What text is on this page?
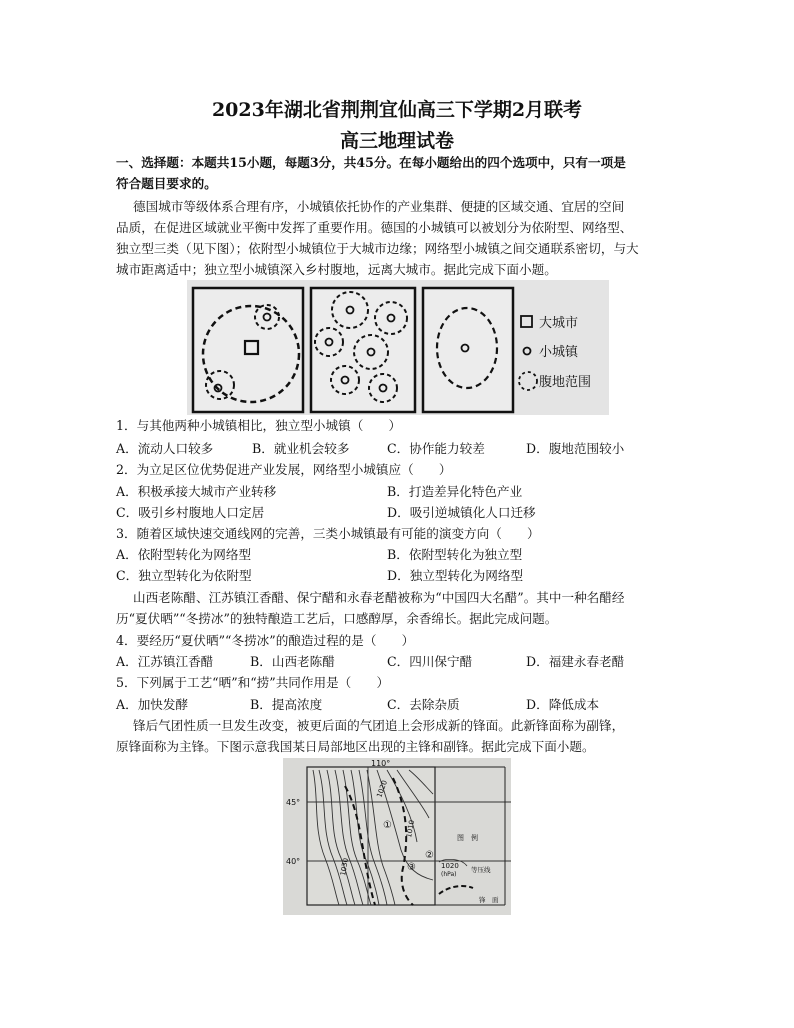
2023年湖北省荆荆宜仙高三下学期2月联考
高三地理试卷
一、选择题：本题共15小题，每题3分，共45分。在每小题给出的四个选项中，只有一项是
符合题目要求的。
德国城市等级体系合理有序，小城镇依托协作的产业集群、便捷的区域交通、宜居的空间
品质，在促进区域就业平衡中发挥了重要作用。德国的小城镇可以被划分为依附型、网络型、
独立型三类（见下图）；依附型小城镇位于大城市边缘；网络型小城镇之间交通联系密切，与大
城市距离适中；独立型小城镇深入乡村腹地，远离大城市。据此完成下面小题。
大城市
小城镇
腹地范围
1．与其他两种小城镇相比，独立型小城镇（　　）
A．流动人口较多	B．就业机会较多	C．协作能力较差	D．腹地范围较小
2．为立足区位优势促进产业发展，网络型小城镇应（　　）
A．积极承接大城市产业转移	B．打造差异化特色产业
C．吸引乡村腹地人口定居	D．吸引逆城镇化人口迁移
3．随着区域快速交通线网的完善，三类小城镇最有可能的演变方向（　　）
A．依附型转化为网络型	B．依附型转化为独立型
C．独立型转化为依附型	D．独立型转化为网络型
山西老陈醋、江苏镇江香醋、保宁醋和永春老醋被称为“中国四大名醋”。其中一种名醋经
历“夏伏晒”“冬捞冰”的独特酿造工艺后，口感醇厚，余香绵长。据此完成问题。
4．要经历“夏伏晒”“冬捞冰”的酿造过程的是（　　）
A．江苏镇江香醋	B．山西老陈醋	C．四川保宁醋	D．福建永春老醋
5．下列属于工艺“晒”和“捞”共同作用是（　　）
A．加快发酵	B．提高浓度	C．去除杂质	D．降低成本
锋后气团性质一旦发生改变，被更后面的气团追上会形成新的锋面。此新锋面称为副锋，
原锋面称为主锋。下图示意我国某日局部地区出现的主锋和副锋。据此完成下面小题。
110°
45°
40°
1020
1010
1030
①
②
③
图　例
1020
(hPa)
等压线
锋　面
